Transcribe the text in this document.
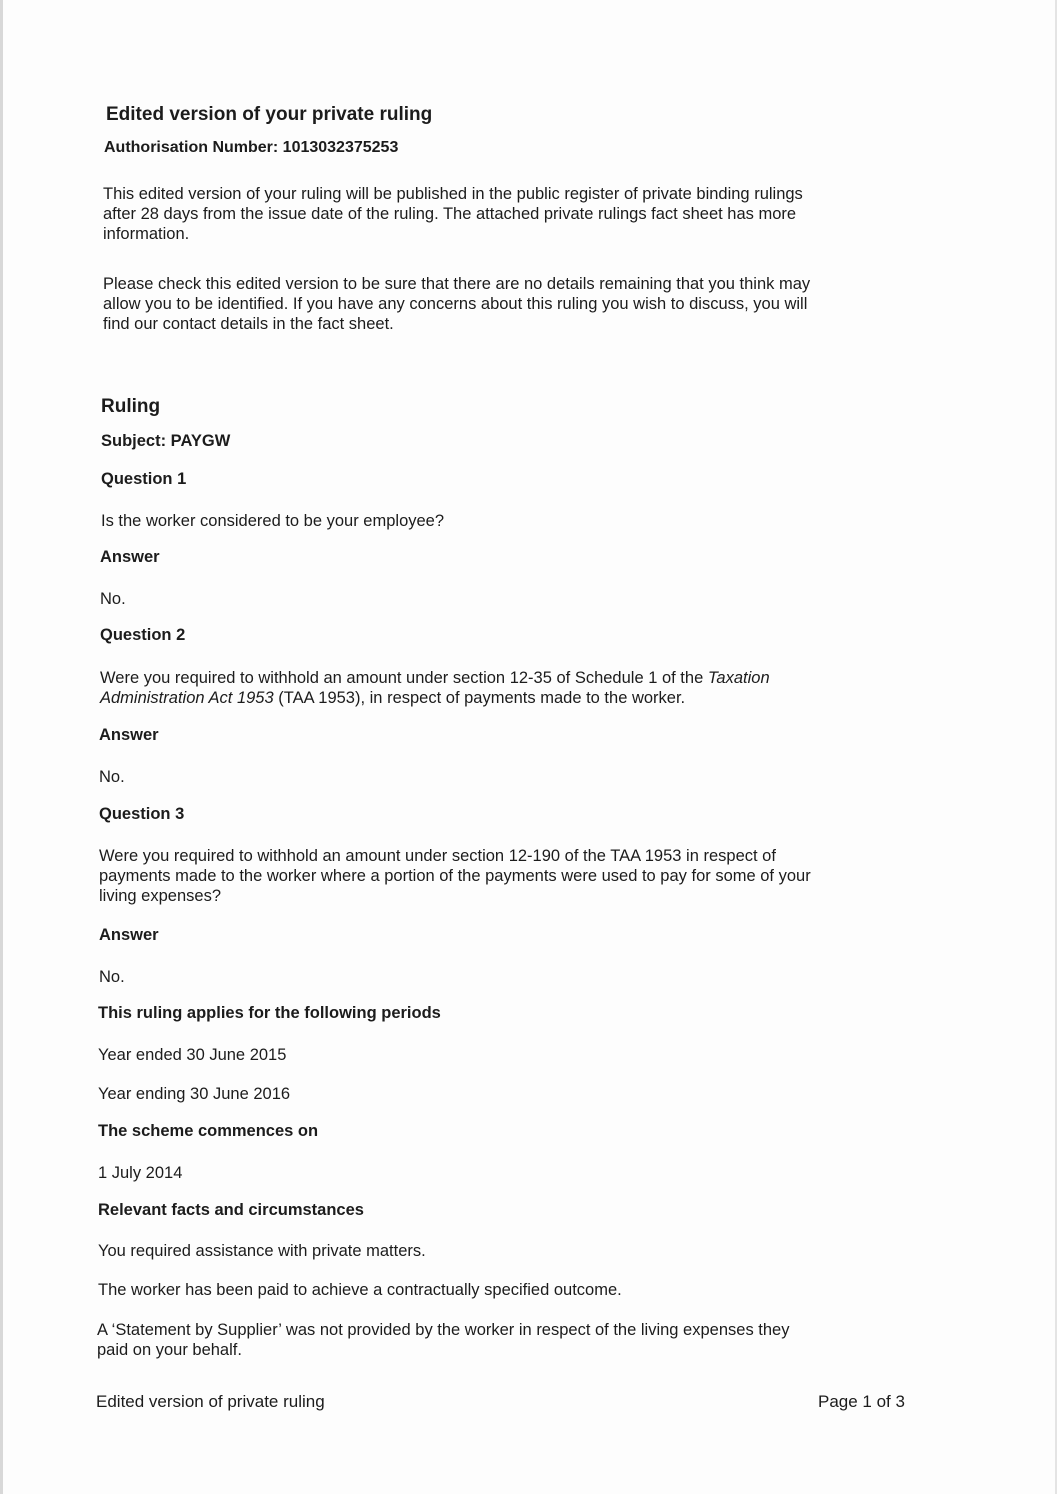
Edited version of your private ruling
Authorisation Number: 1013032375253
This edited version of your ruling will be published in the public register of private binding rulings
after 28 days from the issue date of the ruling. The attached private rulings fact sheet has more
information.
Please check this edited version to be sure that there are no details remaining that you think may
allow you to be identified. If you have any concerns about this ruling you wish to discuss, you will
find our contact details in the fact sheet.
Ruling
Subject: PAYGW
Question 1
Is the worker considered to be your employee?
Answer
No.
Question 2
Were you required to withhold an amount under section 12-35 of Schedule 1 of the Taxation
Administration Act 1953 (TAA 1953), in respect of payments made to the worker.
Answer
No.
Question 3
Were you required to withhold an amount under section 12-190 of the TAA 1953 in respect of
payments made to the worker where a portion of the payments were used to pay for some of your
living expenses?
Answer
No.
This ruling applies for the following periods
Year ended 30 June 2015
Year ending 30 June 2016
The scheme commences on
1 July 2014
Relevant facts and circumstances
You required assistance with private matters.
The worker has been paid to achieve a contractually specified outcome.
A ‘Statement by Supplier’ was not provided by the worker in respect of the living expenses they
paid on your behalf.
Edited version of private ruling	Page 1 of 3
